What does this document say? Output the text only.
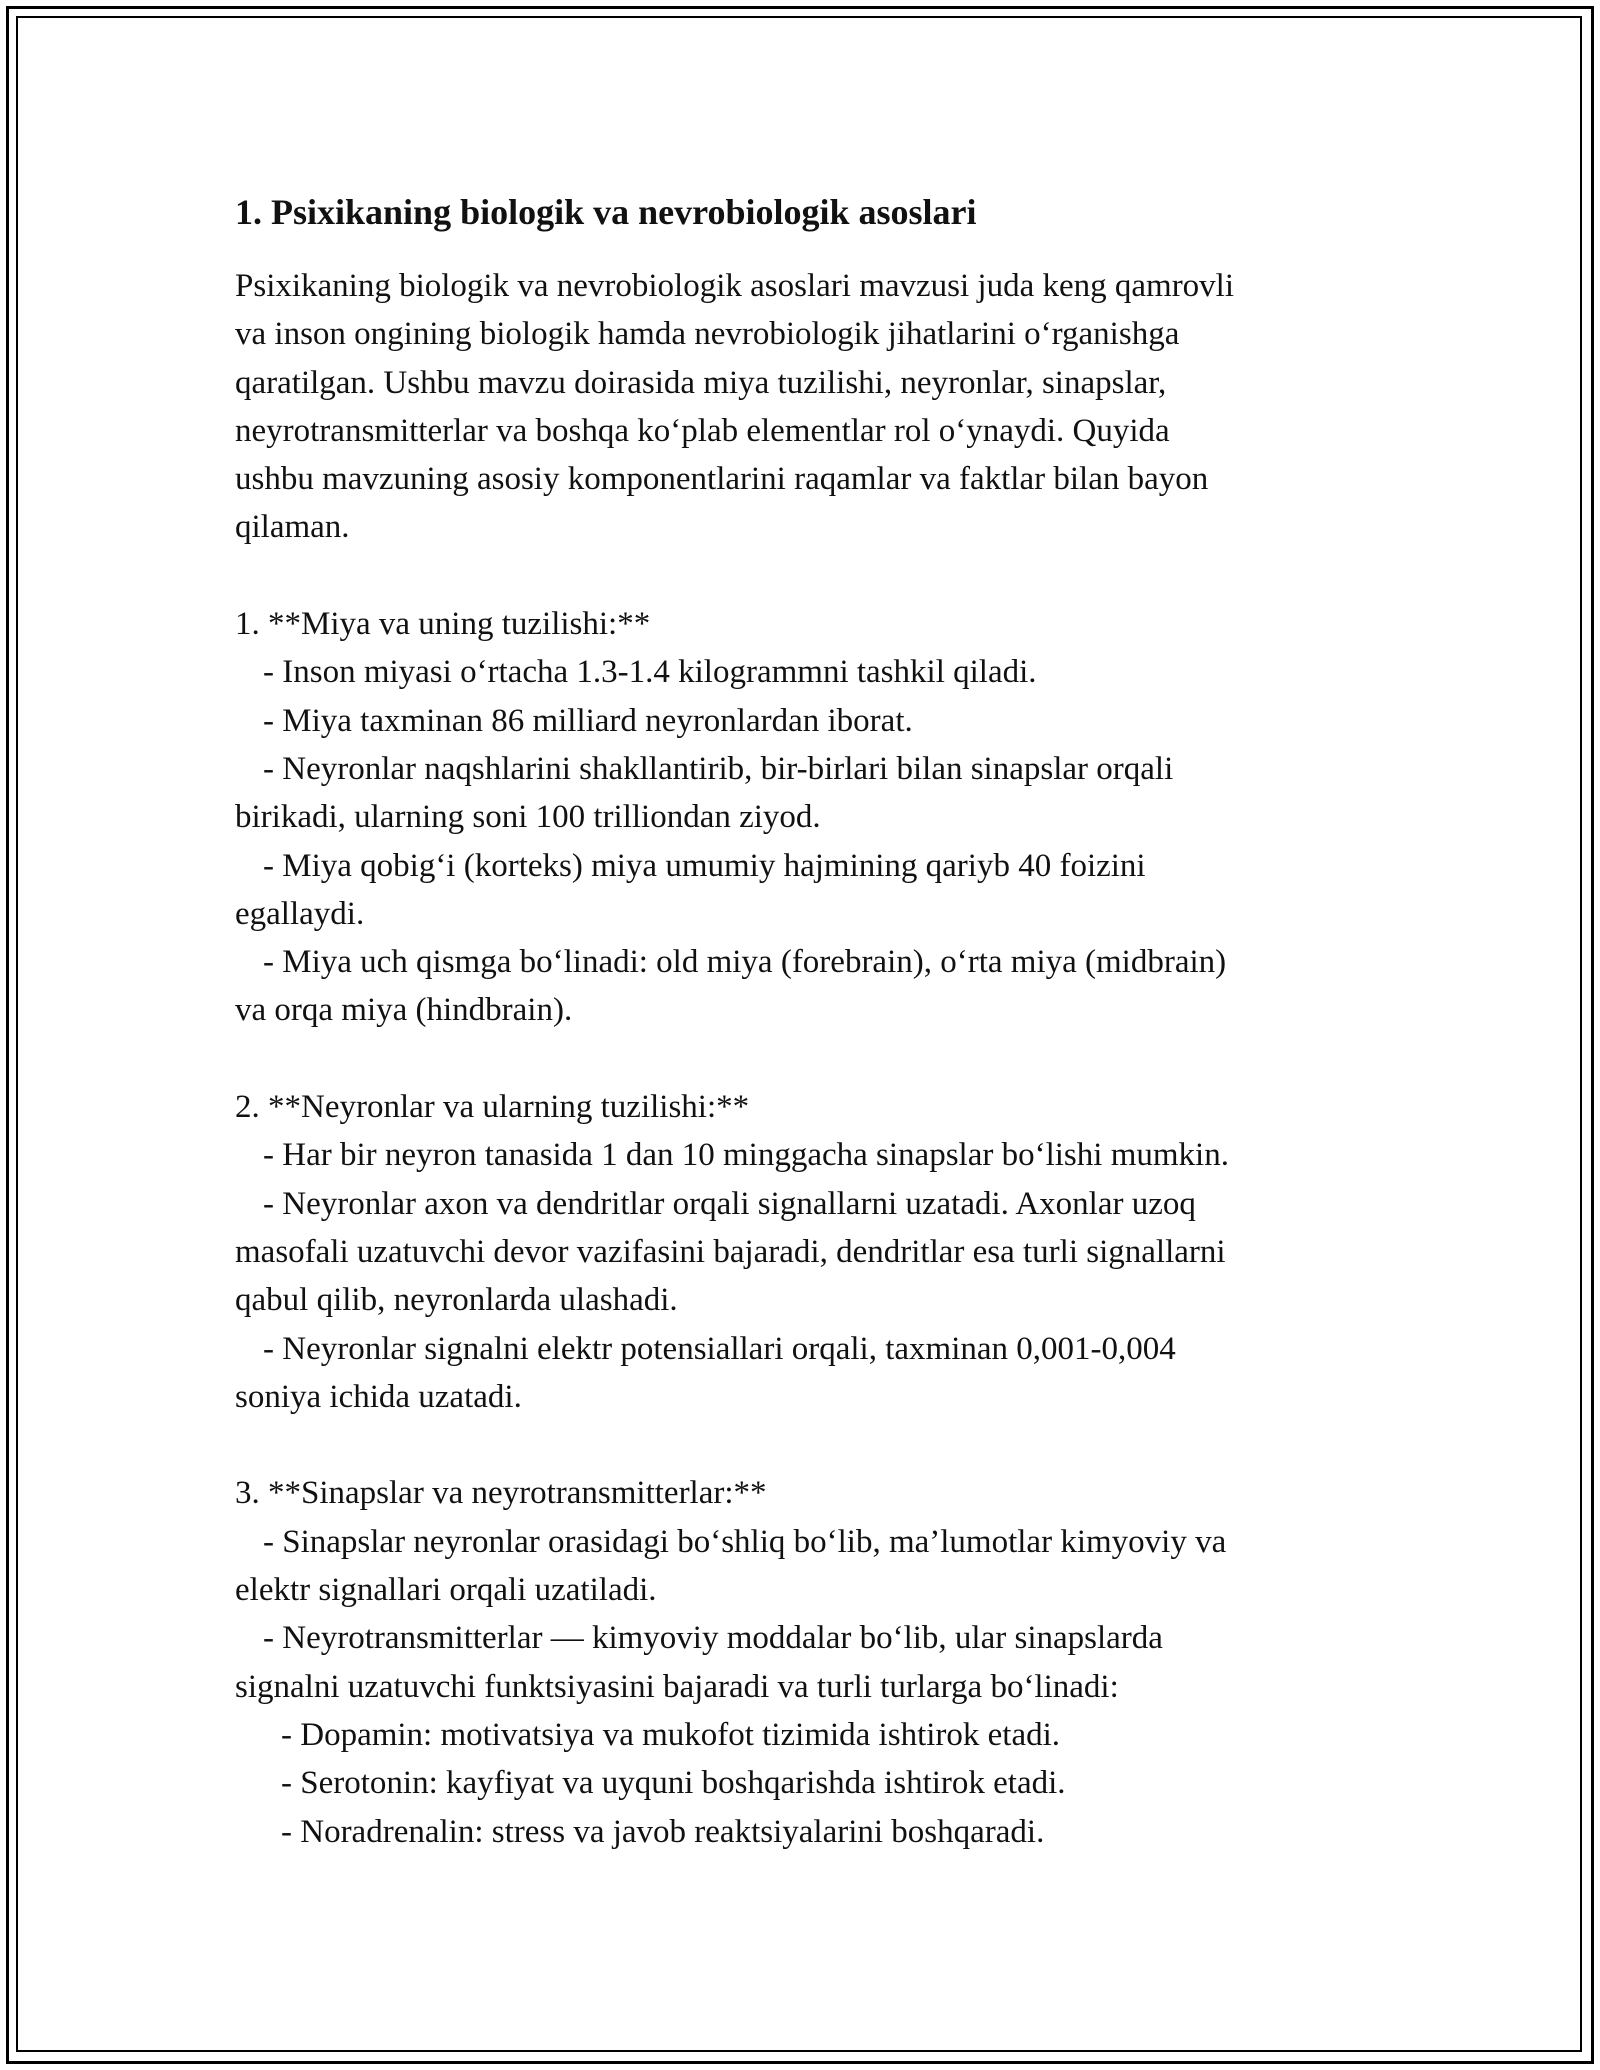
1. Psixikaning biologik va nevrobiologik asoslari
Psixikaning biologik va nevrobiologik asoslari mavzusi juda keng qamrovli
va inson ongining biologik hamda nevrobiologik jihatlarini o‘rganishga
qaratilgan. Ushbu mavzu doirasida miya tuzilishi, neyronlar, sinapslar,
neyrotransmitterlar va boshqa ko‘plab elementlar rol o‘ynaydi. Quyida
ushbu mavzuning asosiy komponentlarini raqamlar va faktlar bilan bayon
qilaman.
1. **Miya va uning tuzilishi:**
- Inson miyasi o‘rtacha 1.3-1.4 kilogrammni tashkil qiladi.
- Miya taxminan 86 milliard neyronlardan iborat.
- Neyronlar naqshlarini shakllantirib, bir-birlari bilan sinapslar orqali
birikadi, ularning soni 100 trilliondan ziyod.
- Miya qobig‘i (korteks) miya umumiy hajmining qariyb 40 foizini
egallaydi.
- Miya uch qismga bo‘linadi: old miya (forebrain), o‘rta miya (midbrain)
va orqa miya (hindbrain).
2. **Neyronlar va ularning tuzilishi:**
- Har bir neyron tanasida 1 dan 10 minggacha sinapslar bo‘lishi mumkin.
- Neyronlar axon va dendritlar orqali signallarni uzatadi. Axonlar uzoq
masofali uzatuvchi devor vazifasini bajaradi, dendritlar esa turli signallarni
qabul qilib, neyronlarda ulashadi.
- Neyronlar signalni elektr potensiallari orqali, taxminan 0,001-0,004
soniya ichida uzatadi.
3. **Sinapslar va neyrotransmitterlar:**
- Sinapslar neyronlar orasidagi bo‘shliq bo‘lib, ma’lumotlar kimyoviy va
elektr signallari orqali uzatiladi.
- Neyrotransmitterlar — kimyoviy moddalar bo‘lib, ular sinapslarda
signalni uzatuvchi funktsiyasini bajaradi va turli turlarga bo‘linadi:
- Dopamin: motivatsiya va mukofot tizimida ishtirok etadi.
- Serotonin: kayfiyat va uyquni boshqarishda ishtirok etadi.
- Noradrenalin: stress va javob reaktsiyalarini boshqaradi.
